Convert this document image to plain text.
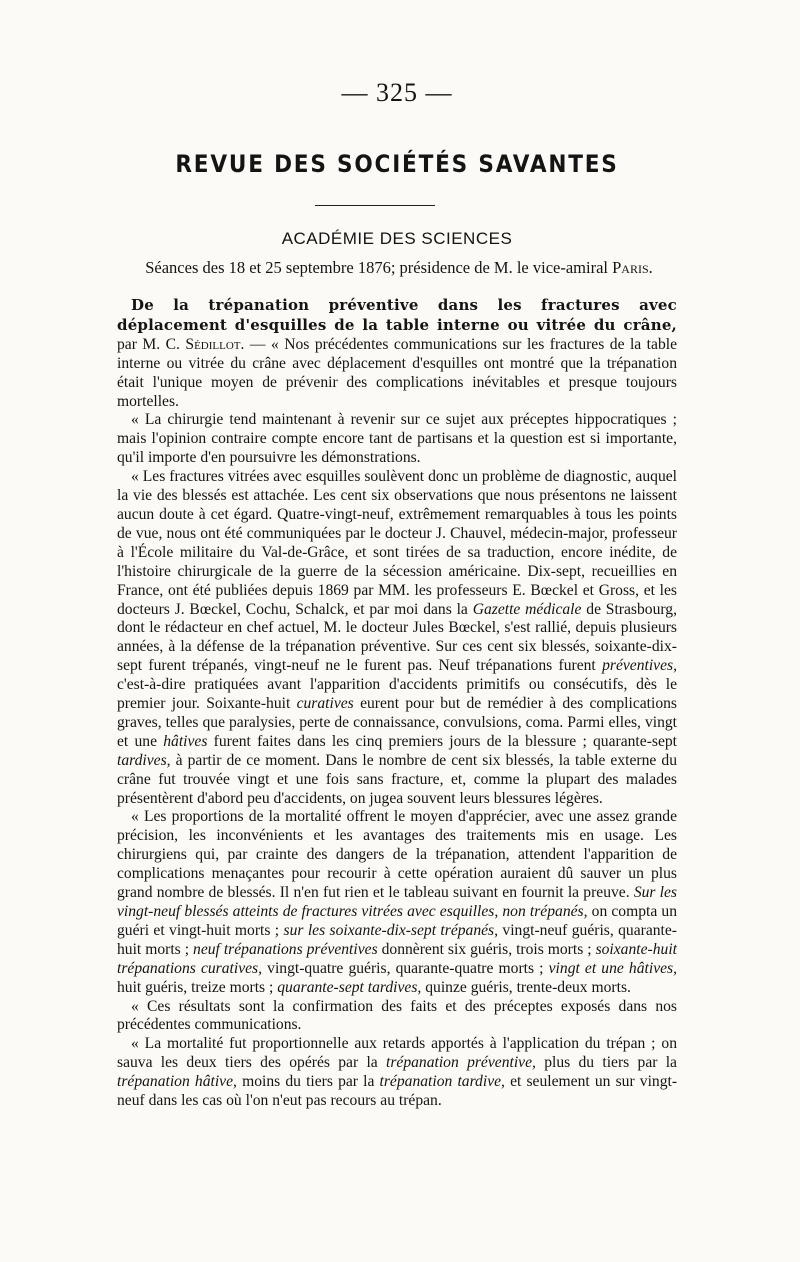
— 325 —
REVUE DES SOCIÉTÉS SAVANTES
ACADÉMIE DES SCIENCES
Séances des 18 et 25 septembre 1876; présidence de M. le vice-amiral Paris.

De la trépanation préventive dans les fractures avec déplacement d'esquilles de la table interne ou vitrée du crâne, par M. C. Sédillot. — « Nos précédentes communications sur les fractures de la table interne ou vitrée du crâne avec déplacement d'esquilles ont montré que la trépanation était l'unique moyen de prévenir des complications inévitables et presque toujours mortelles.

« La chirurgie tend maintenant à revenir sur ce sujet aux préceptes hippocratiques ; mais l'opinion contraire compte encore tant de partisans et la question est si importante, qu'il importe d'en poursuivre les démonstrations.

« Les fractures vitrées avec esquilles soulèvent donc un problème de diagnostic, auquel la vie des blessés est attachée. Les cent six observations que nous présentons ne laissent aucun doute à cet égard. Quatre-vingt-neuf, extrêmement remarquables à tous les points de vue, nous ont été communiquées par le docteur J. Chauvel, médecin-major, professeur à l'École militaire du Val-de-Grâce, et sont tirées de sa traduction, encore inédite, de l'histoire chirurgicale de la guerre de la sécession américaine. Dix-sept, recueillies en France, ont été publiées depuis 1869 par MM. les professeurs E. Bœckel et Gross, et les docteurs J. Bœckel, Cochu, Schalck, et par moi dans la Gazette médicale de Strasbourg, dont le rédacteur en chef actuel, M. le docteur Jules Bœckel, s'est rallié, depuis plusieurs années, à la défense de la trépanation préventive. Sur ces cent six blessés, soixante-dix-sept furent trépanés, vingt-neuf ne le furent pas. Neuf trépanations furent préventives, c'est-à-dire pratiquées avant l'apparition d'accidents primitifs ou consécutifs, dès le premier jour. Soixante-huit curatives eurent pour but de remédier à des complications graves, telles que paralysies, perte de connaissance, convulsions, coma. Parmi elles, vingt et une hâtives furent faites dans les cinq premiers jours de la blessure ; quarante-sept tardives, à partir de ce moment. Dans le nombre de cent six blessés, la table externe du crâne fut trouvée vingt et une fois sans fracture, et, comme la plupart des malades présentèrent d'abord peu d'accidents, on jugea souvent leurs blessures légères.

« Les proportions de la mortalité offrent le moyen d'apprécier, avec une assez grande précision, les inconvénients et les avantages des traitements mis en usage. Les chirurgiens qui, par crainte des dangers de la trépanation, attendent l'apparition de complications menaçantes pour recourir à cette opération auraient dû sauver un plus grand nombre de blessés. Il n'en fut rien et le tableau suivant en fournit la preuve. Sur les vingt-neuf blessés atteints de fractures vitrées avec esquilles, non trépanés, on compta un guéri et vingt-huit morts ; sur les soixante-dix-sept trépanés, vingt-neuf guéris, quarante-huit morts ; neuf trépanations préventives donnèrent six guéris, trois morts ; soixante-huit trépanations curatives, vingt-quatre guéris, quarante-quatre morts ; vingt et une hâtives, huit guéris, treize morts ; quarante-sept tardives, quinze guéris, trente-deux morts.

« Ces résultats sont la confirmation des faits et des préceptes exposés dans nos précédentes communications.

« La mortalité fut proportionnelle aux retards apportés à l'application du trépan ; on sauva les deux tiers des opérés par la trépanation préventive, plus du tiers par la trépanation hâtive, moins du tiers par la trépanation tardive, et seulement un sur vingt-neuf dans les cas où l'on n'eut pas recours au trépan.
